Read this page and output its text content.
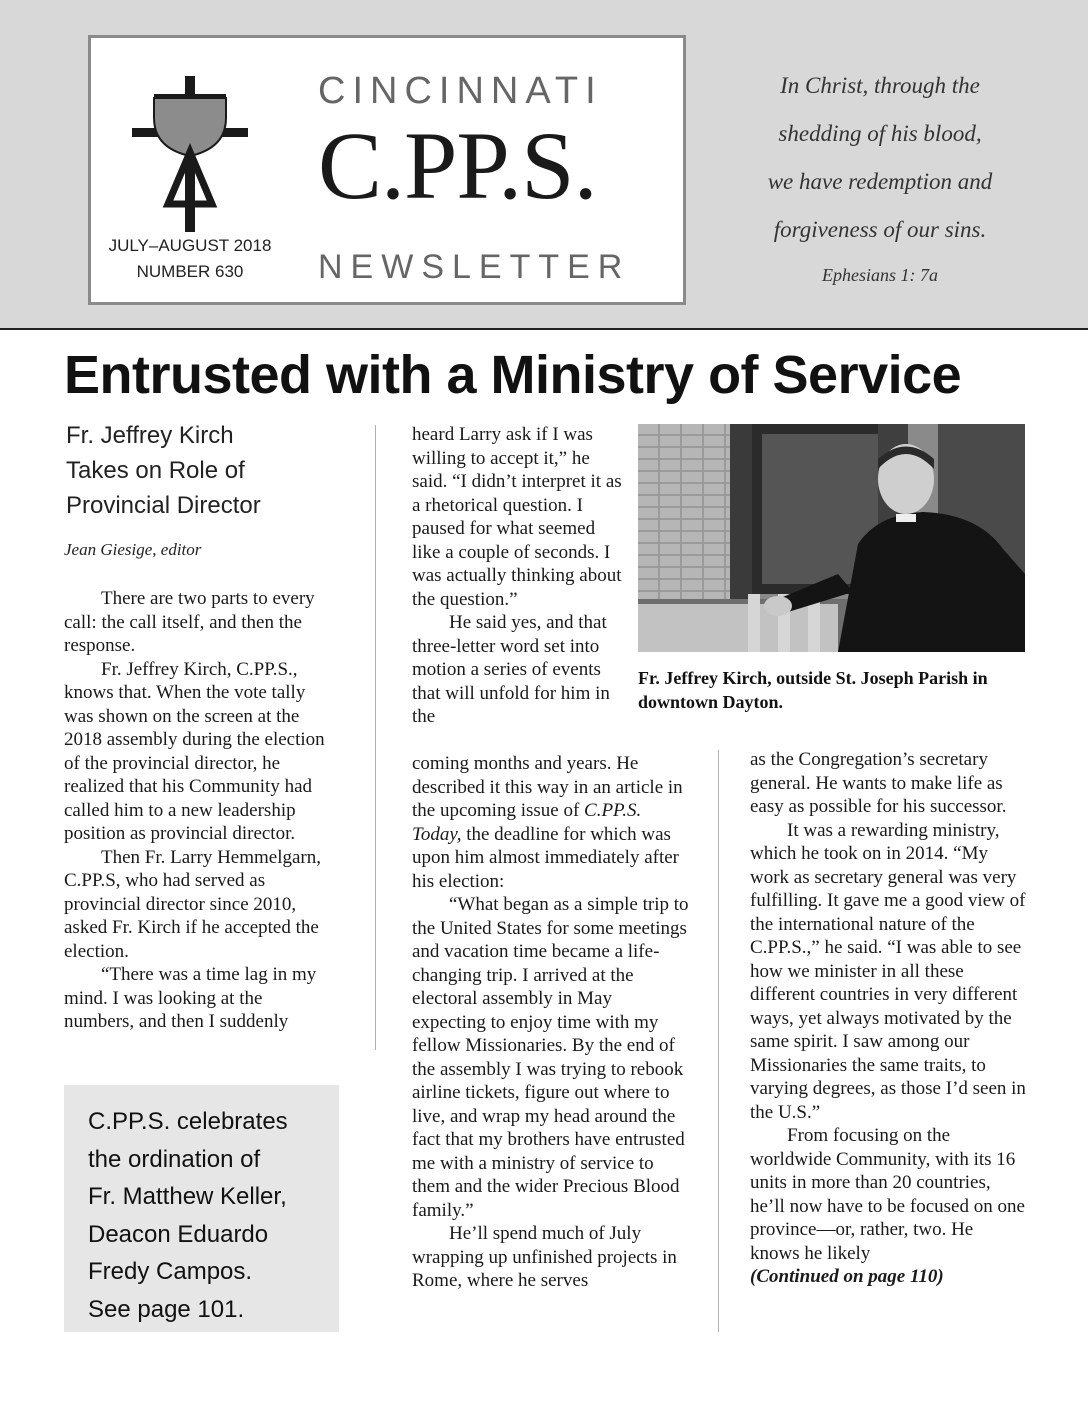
CINCINNATI
C.PP.S.
NEWSLETTER
JULY–AUGUST 2018
NUMBER 630
In Christ, through the
shedding of his blood,
we have redemption and
forgiveness of our sins.
Ephesians 1: 7a
Entrusted with a Ministry of Service
Fr. Jeffrey Kirch
Takes on Role of
Provincial Director
Jean Giesige, editor

There are two parts to every call: the call itself, and then the response.

Fr. Jeffrey Kirch, C.PP.S., knows that. When the vote tally was shown on the screen at the 2018 assembly during the election of the provincial director, he realized that his Community had called him to a new leadership position as provincial director.

Then Fr. Larry Hemmelgarn, C.PP.S, who had served as provincial director since 2010, asked Fr. Kirch if he accepted the election.

“There was a time lag in my mind. I was looking at the numbers, and then I suddenly

heard Larry ask if I was willing to accept it,” he said. “I didn’t interpret it as a rhetorical question. I paused for what seemed like a couple of seconds. I was actually thinking about the question.”

He said yes, and that three-letter word set into motion a series of events that will unfold for him in the

coming months and years. He described it this way in an article in the upcoming issue of C.PP.S. Today, the deadline for which was upon him almost immediately after his election:

“What began as a simple trip to the United States for some meetings and vacation time became a life-changing trip. I arrived at the electoral assembly in May expecting to enjoy time with my fellow Missionaries. By the end of the assembly I was trying to rebook airline tickets, figure out where to live, and wrap my head around the fact that my brothers have entrusted me with a ministry of service to them and the wider Precious Blood family.”

He’ll spend much of July wrapping up unfinished projects in Rome, where he serves

Fr. Jeffrey Kirch, outside St. Joseph Parish in downtown Dayton.

as the Congregation’s secretary general. He wants to make life as easy as possible for his successor.

It was a rewarding ministry, which he took on in 2014. “My work as secretary general was very fulfilling. It gave me a good view of the international nature of the C.PP.S.,” he said. “I was able to see how we minister in all these different countries in very different ways, yet always motivated by the same spirit. I saw among our Missionaries the same traits, to varying degrees, as those I’d seen in the U.S.”

From focusing on the worldwide Community, with its 16 units in more than 20 countries, he’ll now have to be focused on one province—or, rather, two. He knows he likely

(Continued on page 110)

C.PP.S. celebrates
the ordination of
Fr. Matthew Keller,
Deacon Eduardo
Fredy Campos.
See page 101.
